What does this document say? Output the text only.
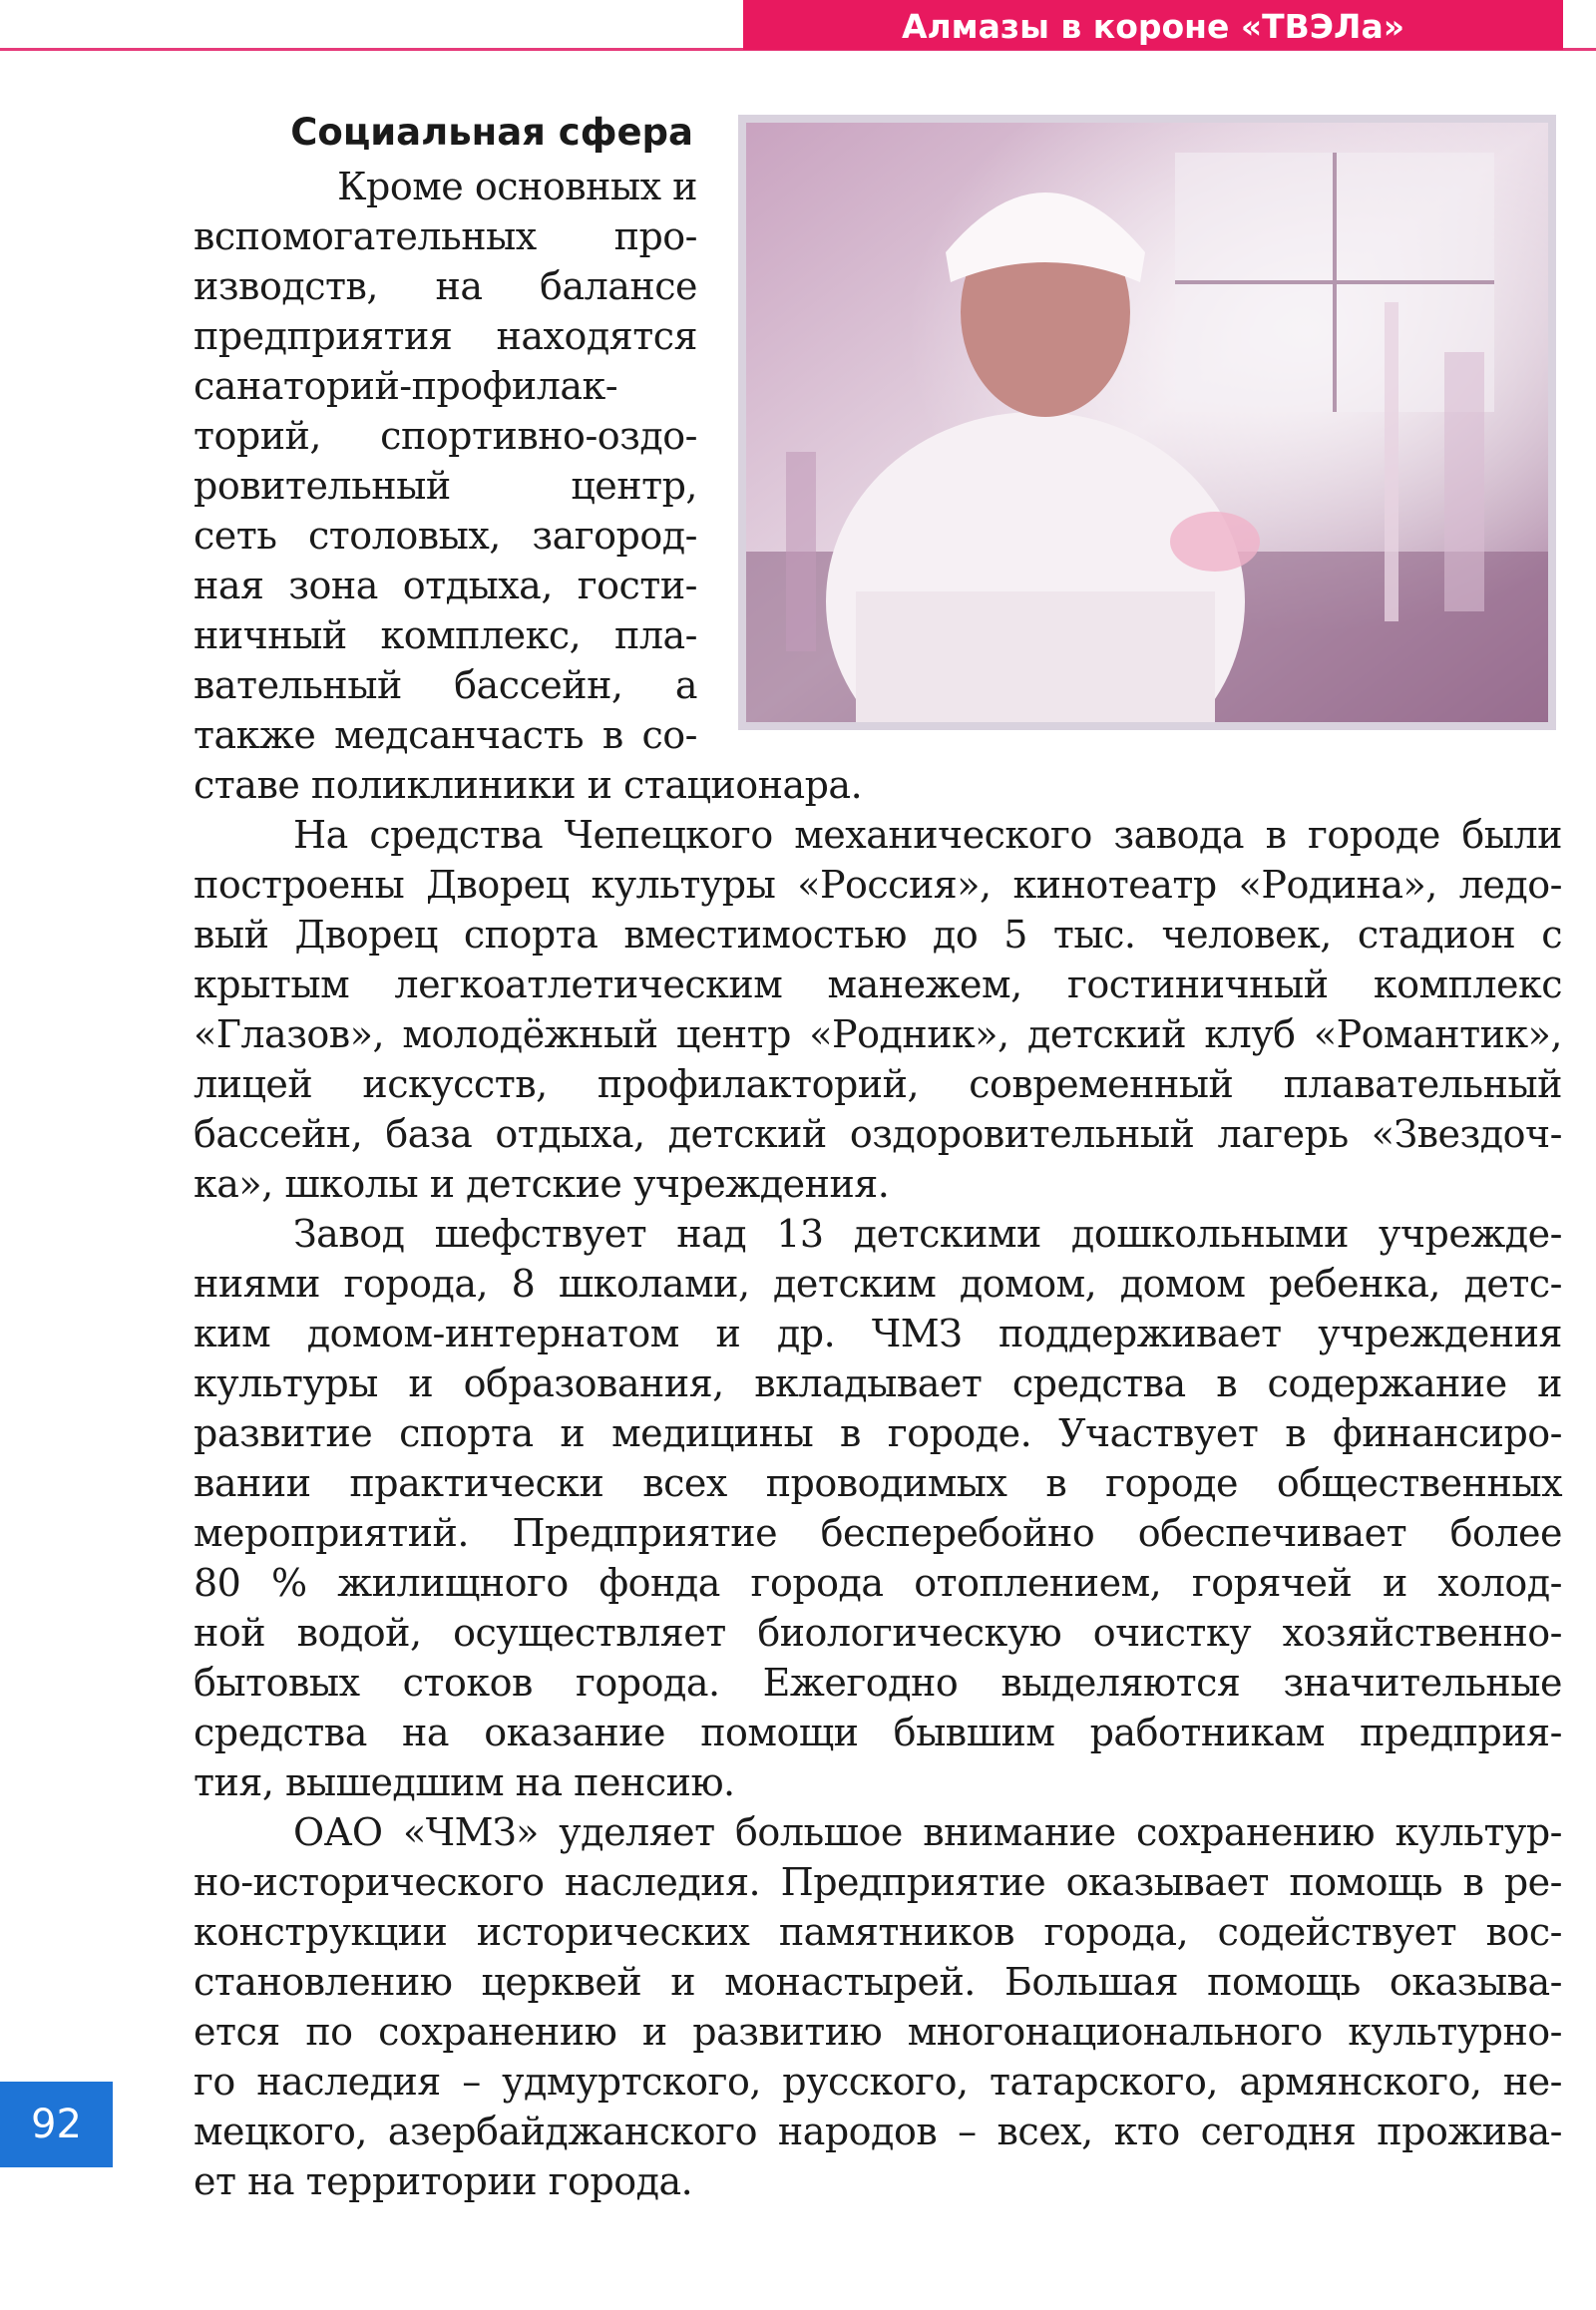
Алмазы в короне «ТВЭЛа»
Социальная сфера
Кроме основных и
вспомогательных про-
изводств, на балансе
предприятия находятся
санаторий-профилак-
торий, спортивно-оздо-
ровительный центр,
сеть столовых, загород-
ная зона отдыха, гости-
ничный комплекс, пла-
вательный бассейн, а
также медсанчасть в со-
ставе поликлиники и стационара.
На средства Чепецкого механического завода в городе были
построены Дворец культуры «Россия», кинотеатр «Родина», ледо-
вый Дворец спорта вместимостью до 5 тыс. человек, стадион с
крытым легкоатлетическим манежем, гостиничный комплекс
«Глазов», молодёжный центр «Родник», детский клуб «Романтик»,
лицей искусств, профилакторий, современный плавательный
бассейн, база отдыха, детский оздоровительный лагерь «Звездоч-
ка», школы и детские учреждения.
Завод шефствует над 13 детскими дошкольными учрежде-
ниями города, 8 школами, детским домом, домом ребенка, детс-
ким домом-интернатом и др. ЧМЗ поддерживает учреждения
культуры и образования, вкладывает средства в содержание и
развитие спорта и медицины в городе. Участвует в финансиро-
вании практически всех проводимых в городе общественных
мероприятий. Предприятие бесперебойно обеспечивает более
80 % жилищного фонда города отоплением, горячей и холод-
ной водой, осуществляет биологическую очистку хозяйственно-
бытовых стоков города. Ежегодно выделяются значительные
средства на оказание помощи бывшим работникам предприя-
тия, вышедшим на пенсию.
ОАО «ЧМЗ» уделяет большое внимание сохранению культур-
но-исторического наследия. Предприятие оказывает помощь в ре-
конструкции исторических памятников города, содействует вос-
становлению церквей и монастырей. Большая помощь оказыва-
ется по сохранению и развитию многонационального культурно-
го наследия – удмуртского, русского, татарского, армянского, не-
мецкого, азербайджанского народов – всех, кто сегодня прожива-
ет на территории города.
92
